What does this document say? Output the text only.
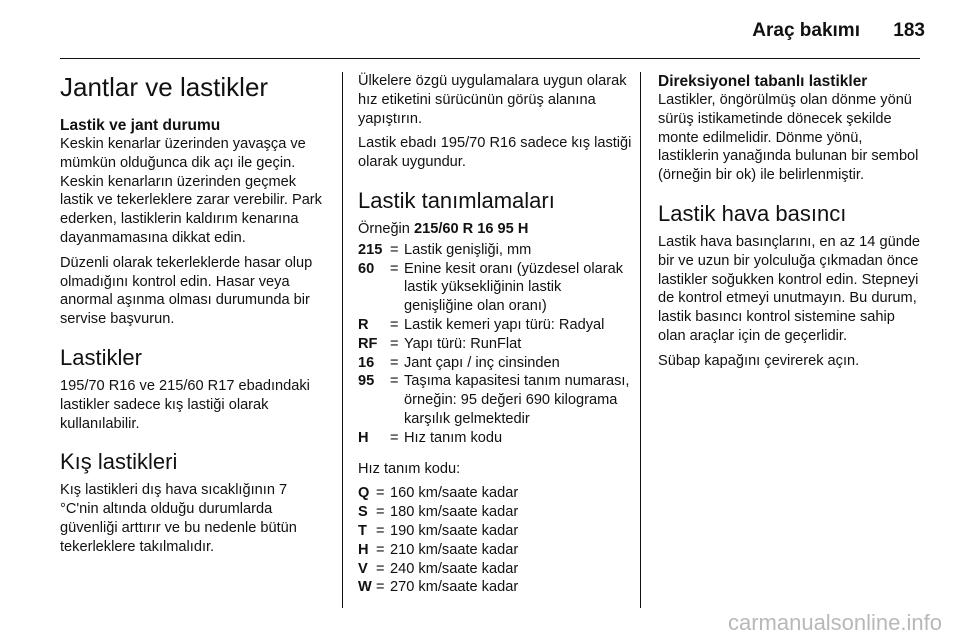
Araç bakımı 183
Jantlar ve lastikler
Lastik ve jant durumu

Keskin kenarlar üzerinden yavaşça ve mümkün olduğunca dik açı ile geçin. Keskin kenarların üzerinden geçmek lastik ve tekerleklere zarar verebilir. Park ederken, lastiklerin kaldırım kenarına dayanmamasına dikkat edin.

Düzenli olarak tekerleklerde hasar olup olmadığını kontrol edin. Hasar veya anormal aşınma olması durumunda bir servise başvurun.

Lastikler

195/70 R16 ve 215/60 R17 ebadındaki lastikler sadece kış lastiği olarak kullanılabilir.

Kış lastikleri

Kış lastikleri dış hava sıcaklığının 7 °C'nin altında olduğu durumlarda güvenliği arttırır ve bu nedenle bütün tekerleklere takılmalıdır.

Ülkelere özgü uygulamalara uygun olarak hız etiketini sürücünün görüş alanına yapıştırın.

Lastik ebadı 195/70 R16 sadece kış lastiği olarak uygundur.

Lastik tanımlamaları

Örneğin 215/60 R 16 95 H

215 = Lastik genişliği, mm
60	= Enine kesit oranı (yüzdesel olarak lastik yüksekliğinin lastik genişliğine olan oranı)
R	= Lastik kemeri yapı türü: Radyal
RF = Yapı türü: RunFlat
16	= Jant çapı / inç cinsinden
95	= Taşıma kapasitesi tanım numarası, örneğin: 95 değeri 690 kilograma karşılık gelmektedir
H	= Hız tanım kodu

Hız tanım kodu:

Q = 160 km/saate kadar
S = 180 km/saate kadar
T = 190 km/saate kadar
H = 210 km/saate kadar
V = 240 km/saate kadar
W = 270 km/saate kadar
Direksiyonel tabanlı lastikler

Lastikler, öngörülmüş olan dönme yönü sürüş istikametinde dönecek şekilde monte edilmelidir. Dönme yönü, lastiklerin yanağında bulunan bir sembol (örneğin bir ok) ile belirlenmiştir.

Lastik hava basıncı

Lastik hava basınçlarını, en az 14 günde bir ve uzun bir yolculuğa çıkmadan önce lastikler soğukken kontrol edin. Stepneyi de kontrol etmeyi unutmayın. Bu durum, lastik basıncı kontrol sistemine sahip olan araçlar için de geçerlidir.

Sübap kapağını çevirerek açın.

carmanualsonline.info
